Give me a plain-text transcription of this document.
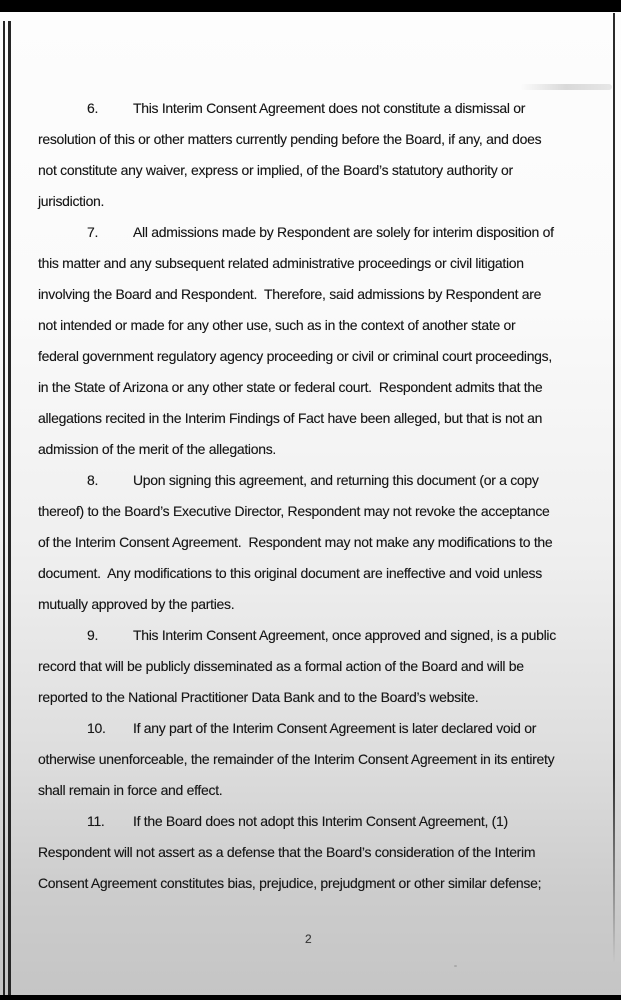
6. This Interim Consent Agreement does not constitute a dismissal or
resolution of this or other matters currently pending before the Board, if any, and does
not constitute any waiver, express or implied, of the Board’s statutory authority or
jurisdiction.
7. All admissions made by Respondent are solely for interim disposition of
this matter and any subsequent related administrative proceedings or civil litigation
involving the Board and Respondent.  Therefore, said admissions by Respondent are
not intended or made for any other use, such as in the context of another state or
federal government regulatory agency proceeding or civil or criminal court proceedings,
in the State of Arizona or any other state or federal court.  Respondent admits that the
allegations recited in the Interim Findings of Fact have been alleged, but that is not an
admission of the merit of the allegations.
8. Upon signing this agreement, and returning this document (or a copy
thereof) to the Board’s Executive Director, Respondent may not revoke the acceptance
of the Interim Consent Agreement.  Respondent may not make any modifications to the
document.  Any modifications to this original document are ineffective and void unless
mutually approved by the parties.
9. This Interim Consent Agreement, once approved and signed, is a public
record that will be publicly disseminated as a formal action of the Board and will be
reported to the National Practitioner Data Bank and to the Board’s website.
10. If any part of the Interim Consent Agreement is later declared void or
otherwise unenforceable, the remainder of the Interim Consent Agreement in its entirety
shall remain in force and effect.
11. If the Board does not adopt this Interim Consent Agreement, (1)
Respondent will not assert as a defense that the Board’s consideration of the Interim
Consent Agreement constitutes bias, prejudice, prejudgment or other similar defense;
2
